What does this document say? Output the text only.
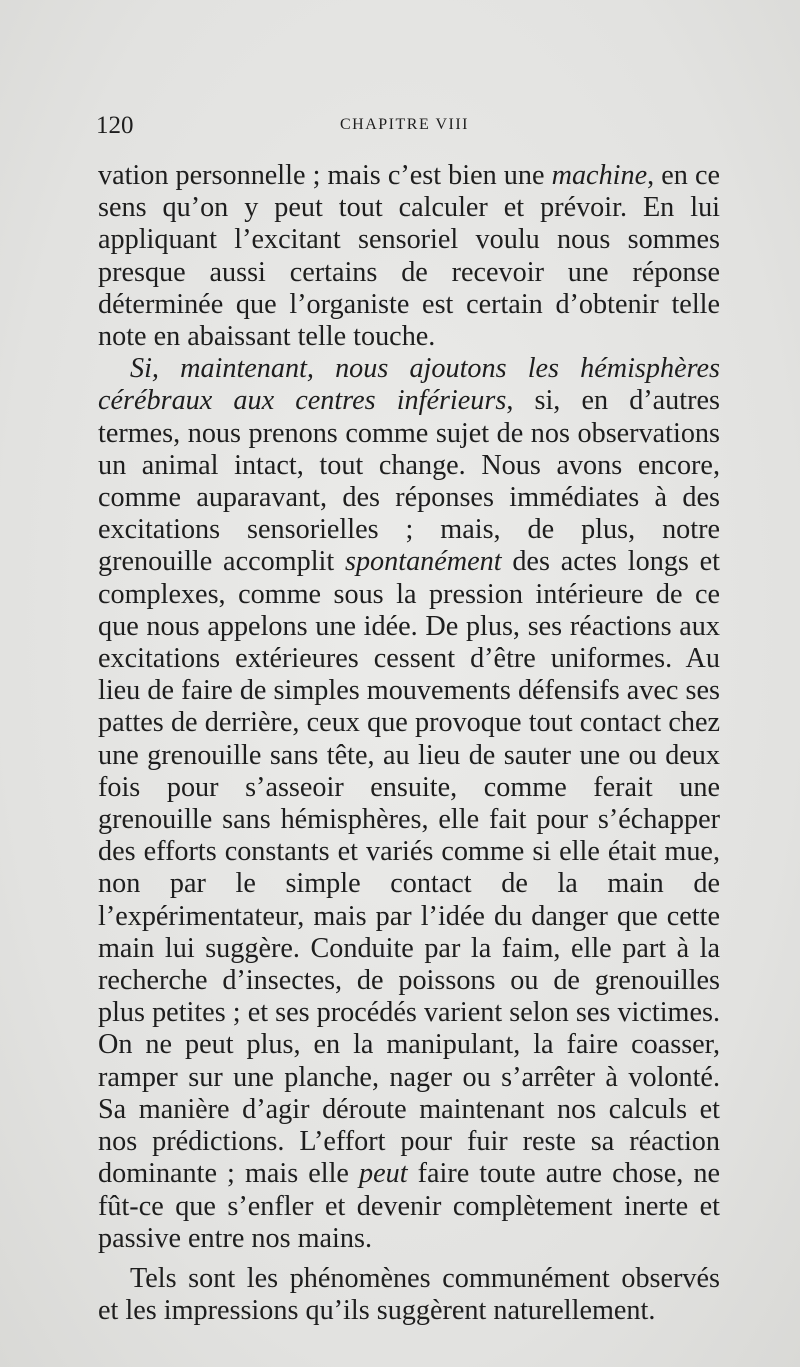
120	CHAPITRE VIII

vation personnelle ; mais c’est bien une machine, en ce sens qu’on y peut tout calculer et prévoir. En lui appliquant l’excitant sensoriel voulu nous sommes presque aussi certains de recevoir une réponse déterminée que l’organiste est certain d’obtenir telle note en abaissant telle touche.

Si, maintenant, nous ajoutons les hémisphères cérébraux aux centres inférieurs, si, en d’autres termes, nous prenons comme sujet de nos observations un animal intact, tout change. Nous avons encore, comme auparavant, des réponses immédiates à des excitations sensorielles ; mais, de plus, notre grenouille accomplit spontanément des actes longs et complexes, comme sous la pression intérieure de ce que nous appelons une idée. De plus, ses réactions aux excitations extérieures cessent d’être uniformes. Au lieu de faire de simples mouvements défensifs avec ses pattes de derrière, ceux que provoque tout contact chez une grenouille sans tête, au lieu de sauter une ou deux fois pour s’asseoir ensuite, comme ferait une grenouille sans hémisphères, elle fait pour s’échapper des efforts constants et variés comme si elle était mue, non par le simple contact de la main de l’expérimentateur, mais par l’idée du danger que cette main lui suggère. Conduite par la faim, elle part à la recherche d’insectes, de poissons ou de grenouilles plus petites ; et ses procédés varient selon ses victimes. On ne peut plus, en la manipulant, la faire coasser, ramper sur une planche, nager ou s’arrêter à volonté. Sa manière d’agir déroute maintenant nos calculs et nos prédictions. L’effort pour fuir reste sa réaction dominante ; mais elle peut faire toute autre chose, ne fût-ce que s’enfler et devenir complètement inerte et passive entre nos mains.

Tels sont les phénomènes communément observés et les impressions qu’ils suggèrent naturellement.
